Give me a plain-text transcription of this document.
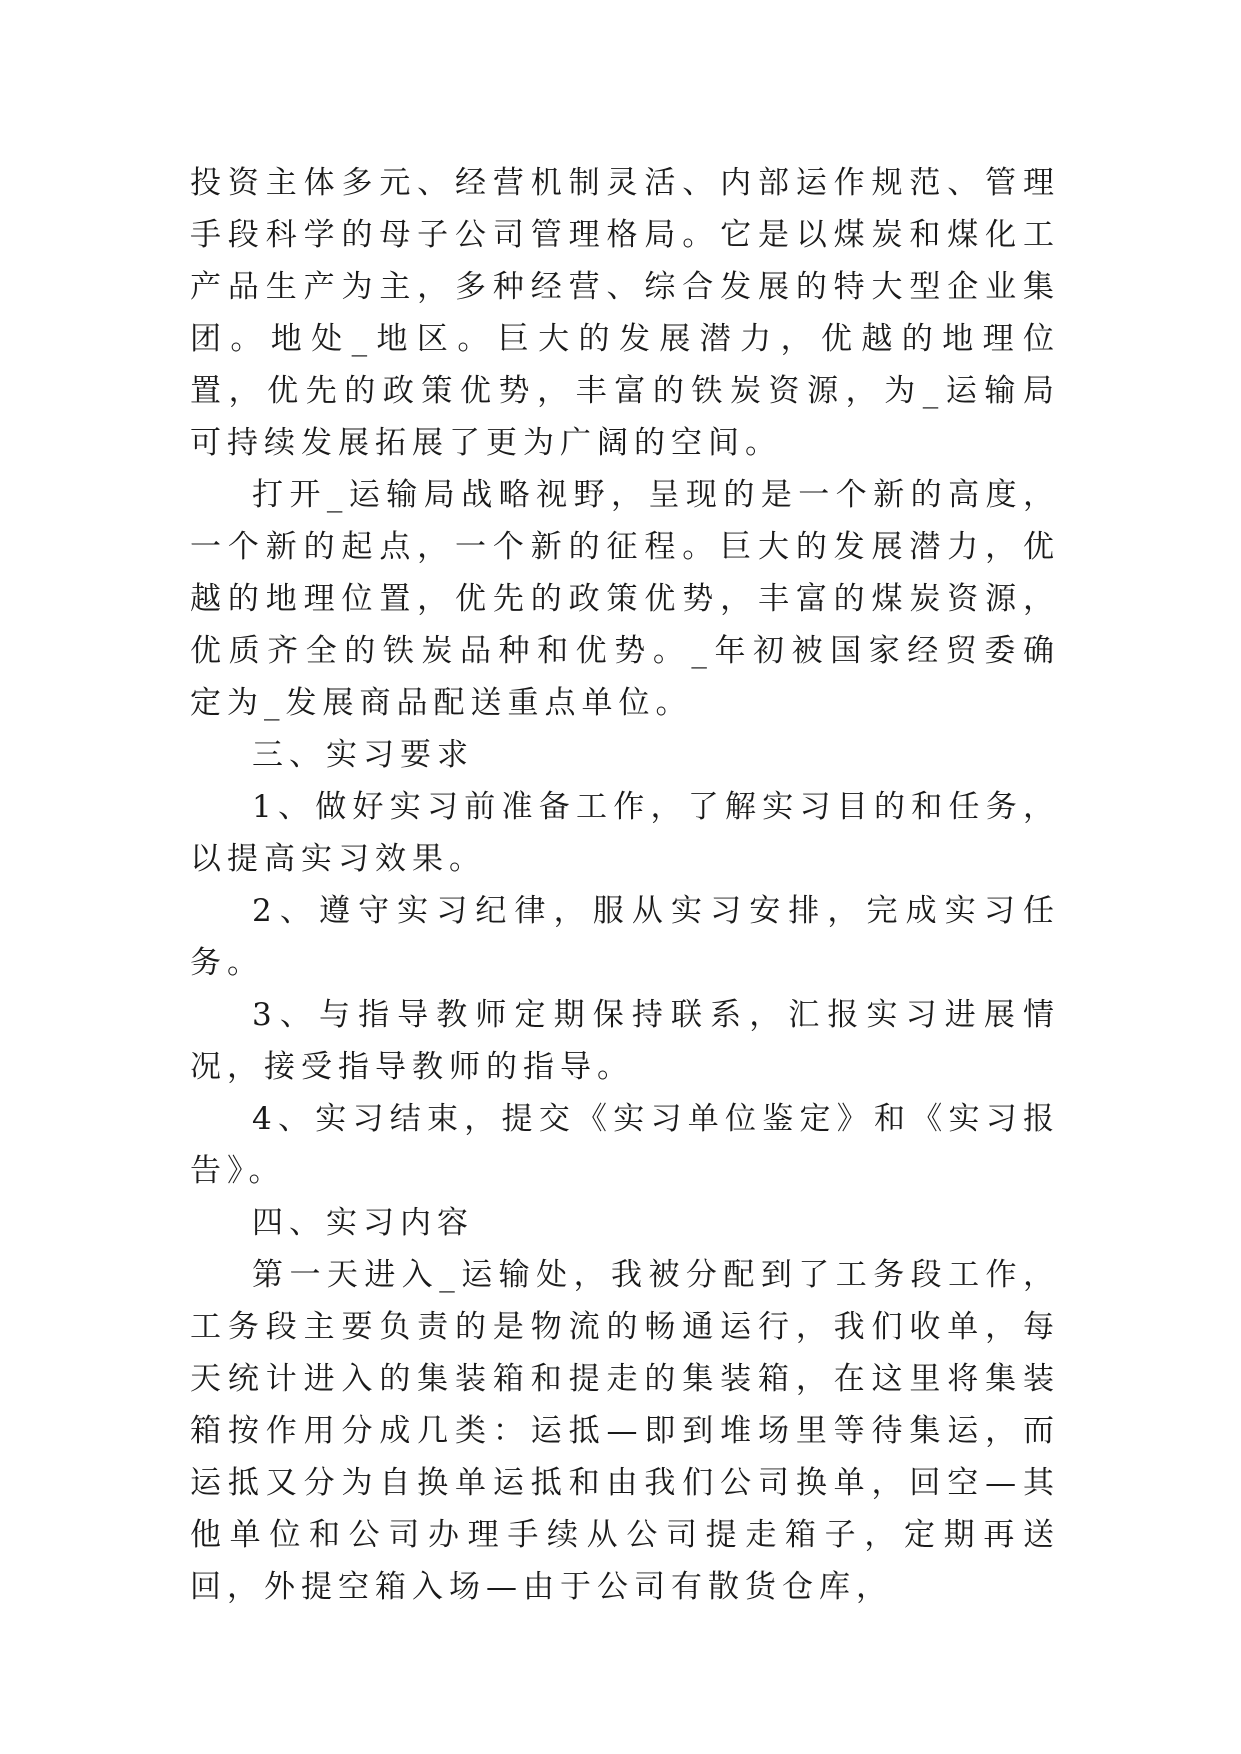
投资主体多元、经营机制灵活、内部运作规范、管理手段科学的母子公司管理格局。它是以煤炭和煤化工产品生产为主，多种经营、综合发展的特大型企业集团。地处_地区。巨大的发展潜力，优越的地理位置，优先的政策优势，丰富的铁炭资源，为_运输局可持续发展拓展了更为广阔的空间。

打开_运输局战略视野，呈现的是一个新的高度，一个新的起点，一个新的征程。巨大的发展潜力，优越的地理位置，优先的政策优势，丰富的煤炭资源，优质齐全的铁炭品种和优势。_年初被国家经贸委确定为_发展商品配送重点单位。

三、实习要求

1、做好实习前准备工作，了解实习目的和任务，以提高实习效果。

2、遵守实习纪律，服从实习安排，完成实习任务。

3、与指导教师定期保持联系，汇报实习进展情况，接受指导教师的指导。

4、实习结束，提交《实习单位鉴定》和《实习报告》。

四、实习内容

第一天进入_运输处，我被分配到了工务段工作，工务段主要负责的是物流的畅通运行，我们收单，每天统计进入的集装箱和提走的集装箱，在这里将集装箱按作用分成几类：运抵—即到堆场里等待集运，而运抵又分为自换单运抵和由我们公司换单，回空—其他单位和公司办理手续从公司提走箱子，定期再送回，外提空箱入场—由于公司有散货仓库，
